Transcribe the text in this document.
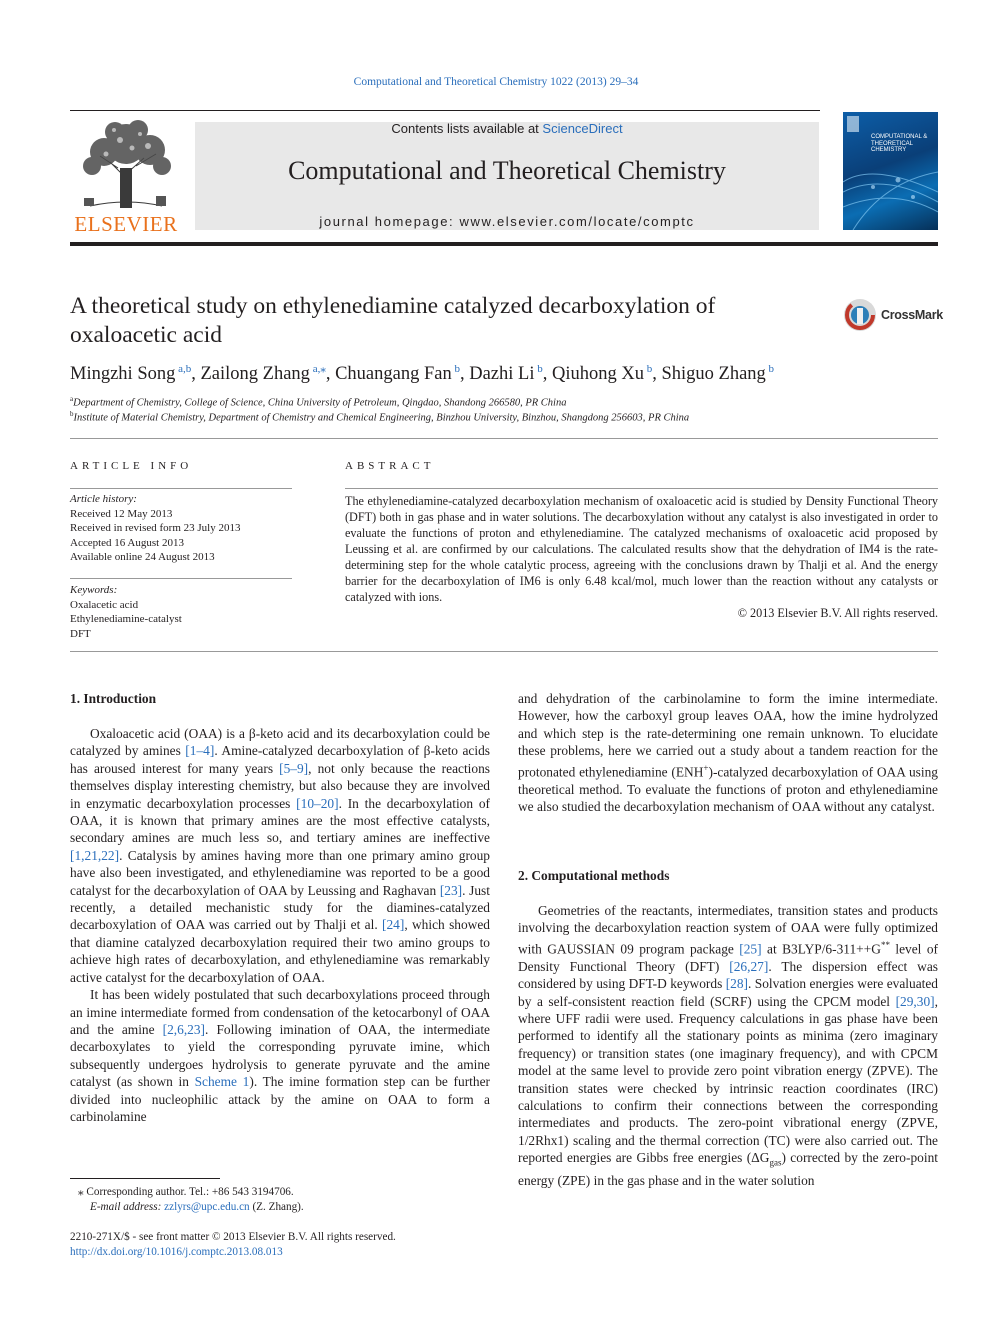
Computational and Theoretical Chemistry 1022 (2013) 29–34
ELSEVIER
Contents lists available at ScienceDirect
Computational and Theoretical Chemistry
journal homepage: www.elsevier.com/locate/comptc
COMPUTATIONAL & THEORETICAL CHEMISTRY
A theoretical study on ethylenediamine catalyzed decarboxylation of
oxaloacetic acid
CrossMark
Mingzhi Song $^{a,b}$, Zailong Zhang $^{a,⁎}$, Chuangang Fan $^b$, Dazhi Li $^b$, Qiuhong Xu $^b$, Shiguo Zhang $^b$
$^a$Department of Chemistry, College of Science, China University of Petroleum, Qingdao, Shandong 266580, PR China
$^b$Institute of Material Chemistry, Department of Chemistry and Chemical Engineering, Binzhou University, Binzhou, Shangdong 256603, PR China
ARTICLE INFO
Article history:
Received 12 May 2013
Received in revised form 23 July 2013
Accepted 16 August 2013
Available online 24 August 2013
Keywords:
Oxalacetic acid
Ethylenediamine-catalyst
DFT
ABSTRACT
The ethylenediamine-catalyzed decarboxylation mechanism of oxaloacetic acid is studied by Density Functional Theory (DFT) both in gas phase and in water solutions. The decarboxylation without any catalyst is also investigated in order to evaluate the functions of proton and ethylenediamine. The catalyzed mechanisms of oxaloacetic acid proposed by Leussing et al. are confirmed by our calculations. The calculated results show that the dehydration of IM4 is the rate-determining step for the whole catalytic process, agreeing with the conclusions drawn by Thalji et al. And the energy barrier for the decarboxylation of IM6 is only 6.48 kcal/mol, much lower than the reaction without any catalysts or catalyzed with ions.
© 2013 Elsevier B.V. All rights reserved.
1. Introduction

Oxaloacetic acid (OAA) is a β-keto acid and its decarboxylation could be catalyzed by amines [1–4]. Amine-catalyzed decarboxylation of β-keto acids has aroused interest for many years [5–9], not only because the reactions themselves display interesting chemistry, but also because they are involved in enzymatic decarboxylation processes [10–20]. In the decarboxylation of OAA, it is known that primary amines are the most effective catalysts, secondary amines are much less so, and tertiary amines are ineffective [1,21,22]. Catalysis by amines having more than one primary amino group have also been investigated, and ethylenediamine was reported to be a good catalyst for the decarboxylation of OAA by Leussing and Raghavan [23]. Just recently, a detailed mechanistic study for the diamines-catalyzed decarboxylation of OAA was carried out by Thalji et al. [24], which showed that diamine catalyzed decarboxylation required their two amino groups to achieve high rates of decarboxylation, and ethylenediamine was remarkably active catalyst for the decarboxylation of OAA.

It has been widely postulated that such decarboxylations proceed through an imine intermediate formed from condensation of the ketocarbonyl of OAA and the amine [2,6,23]. Following imination of OAA, the intermediate decarboxylates to yield the corresponding pyruvate imine, which subsequently undergoes hydrolysis to generate pyruvate and the amine catalyst (as shown in Scheme 1). The imine formation step can be further divided into nucleophilic attack by the amine on OAA to form a carbinolamine

and dehydration of the carbinolamine to form the imine intermediate. However, how the carboxyl group leaves OAA, how the imine hydrolyzed and which step is the rate-determining one remain unknown. To elucidate these problems, here we carried out a study about a tandem reaction for the protonated ethylenediamine (ENH+)-catalyzed decarboxylation of OAA using theoretical method. To evaluate the functions of proton and ethylenediamine we also studied the decarboxylation mechanism of OAA without any catalyst.

2. Computational methods

Geometries of the reactants, intermediates, transition states and products involving the decarboxylation reaction system of OAA were fully optimized with GAUSSIAN 09 program package [25] at B3LYP/6-311++G** level of Density Functional Theory (DFT) [26,27]. The dispersion effect was considered by using DFT-D keywords [28]. Solvation energies were evaluated by a self-consistent reaction field (SCRF) using the CPCM model [29,30], where UFF radii were used. Frequency calculations in gas phase have been performed to identify all the stationary points as minima (zero imaginary frequency) or transition states (one imaginary frequency), and with CPCM model at the same level to provide zero point vibration energy (ZPVE). The transition states were checked by intrinsic reaction coordinates (IRC) calculations to confirm their connections between the corresponding intermediates and products. The zero-point vibrational energy (ZPVE, 1/2Rhx1) scaling and the thermal correction (TC) were also carried out. The reported energies are Gibbs free energies $(\Delta G_{gas})$ corrected by the zero-point energy (ZPE) in the gas phase and in the water solution

⁎ Corresponding author. Tel.: +86 543 3194706.
E-mail address: zzlyrs@upc.edu.cn (Z. Zhang).
2210-271X/$ - see front matter © 2013 Elsevier B.V. All rights reserved.
http://dx.doi.org/10.1016/j.comptc.2013.08.013
